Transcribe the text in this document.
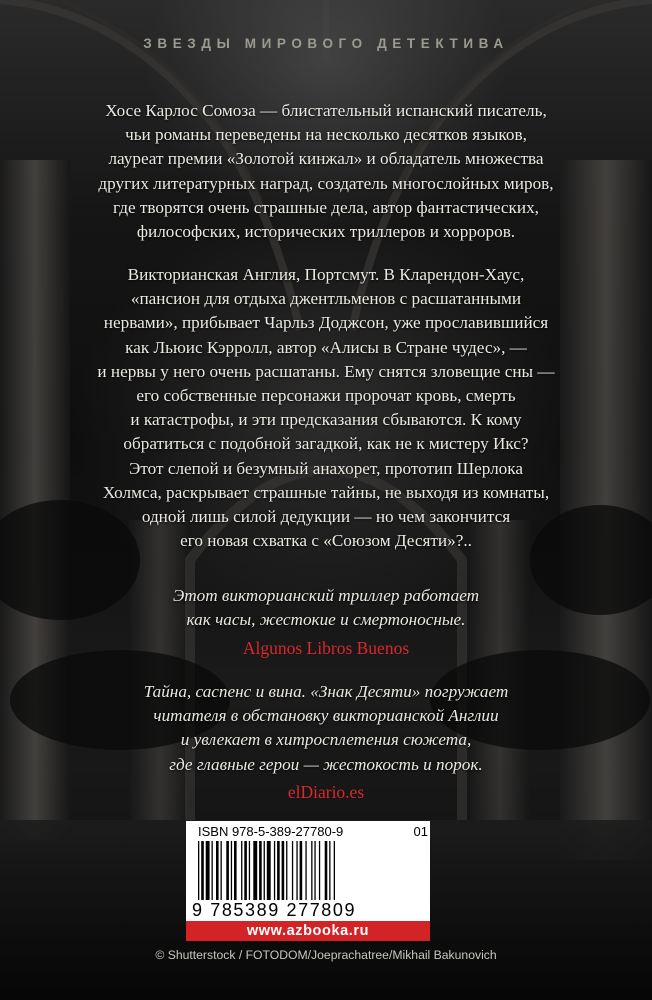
ЗВЕЗДЫ МИРОВОГО ДЕТЕКТИВА

Хосе Карлос Сомоза — блистательный испанский писатель,

чьи романы переведены на несколько десятков языков,

лауреат премии «Золотой кинжал» и обладатель множества

других литературных наград, создатель многослойных миров,

где творятся очень страшные дела, автор фантастических,

философских, исторических триллеров и хорроров.

Викторианская Англия, Портсмут. В Кларендон-Хаус,

«пансион для отдыха джентльменов с расшатанными

нервами», прибывает Чарльз Доджсон, уже прославившийся

как Льюис Кэрролл, автор «Алисы в Стране чудес», —

и нервы у него очень расшатаны. Ему снятся зловещие сны —

его собственные персонажи пророчат кровь, смерть

и катастрофы, и эти предсказания сбываются. К кому

обратиться с подобной загадкой, как не к мистеру Икс?

Этот слепой и безумный анахорет, прототип Шерлока

Холмса, раскрывает страшные тайны, не выходя из комнаты,

одной лишь силой дедукции — но чем закончится

его новая схватка с «Союзом Десяти»?..

Этот викторианский триллер работает

как часы, жестокие и смертоносные.

Algunos Libros Buenos

Тайна, саспенс и вина. «Знак Десяти» погружает

читателя в обстановку викторианской Англии

и увлекает в хитросплетения сюжета,

где главные герои — жестокость и порок.

elDiario.es
ISBN 978-5-389-27780-9	01
9 785389 277809
www.azbooka.ru
© Shutterstock / FOTODOM/Joeprachatree/Mikhail Bakunovich
